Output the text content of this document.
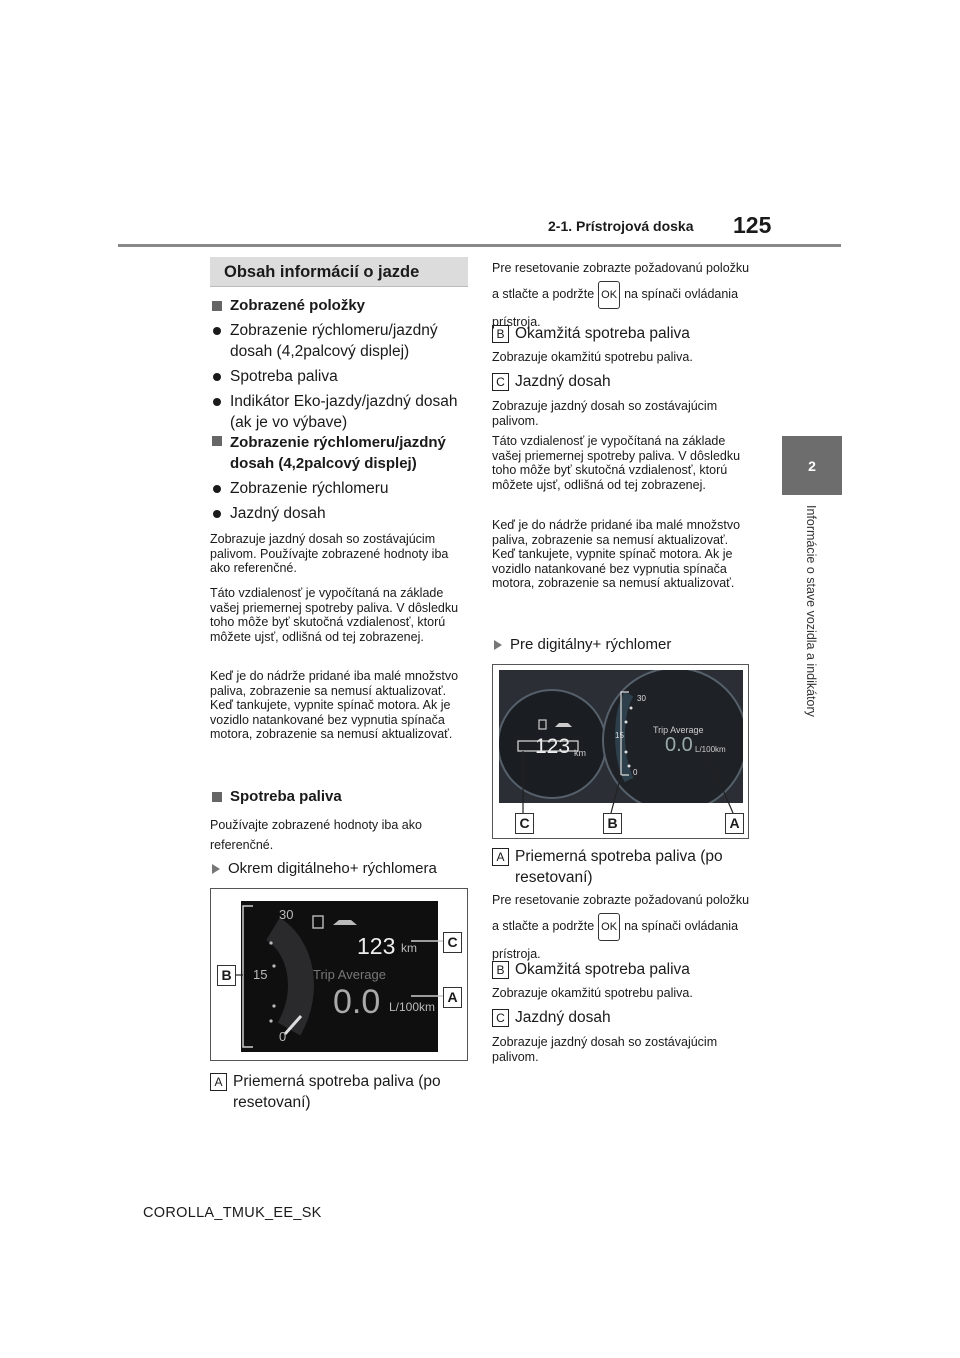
2-1. Prístrojová doska 125
2
Informácie o stave vozidla a indikátory
Obsah informácií o jazde
Zobrazené položky
Zobrazenie rýchlomeru/jazdný dosah (4,2palcový displej)
Spotreba paliva
Indikátor Eko-jazdy/jazdný dosah (ak je vo výbave)
Zobrazenie rýchlomeru/jazdný dosah (4,2palcový displej)
Zobrazenie rýchlomeru
Jazdný dosah
Zobrazuje jazdný dosah so zostávajúcim palivom. Používajte zobrazené hodnoty iba ako referenčné.
Táto vzdialenosť je vypočítaná na základe vašej priemernej spotreby paliva. V dôsledku toho môže byť skutočná vzdialenosť, ktorú môžete ujsť, odlišná od tej zobrazenej.
Keď je do nádrže pridané iba malé množstvo paliva, zobrazenie sa nemusí aktualizovať. Keď tankujete, vypnite spínač motora. Ak je vozidlo natankované bez vypnutia spínača motora, zobrazenie sa nemusí aktualizovať.
Spotreba paliva
Používajte zobrazené hodnoty iba ako referenčné.
Okrem digitálneho+ rýchlomera
30
15
0
123 km
Trip Average
0.0 L/100km
B
C
A
A Priemerná spotreba paliva (po resetovaní)
Pre resetovanie zobrazte požadovanú položku a stlačte a podržte OK na spínači ovládania prístroja.
B Okamžitá spotreba paliva
Zobrazuje okamžitú spotrebu paliva.
C Jazdný dosah
Zobrazuje jazdný dosah so zostávajúcim palivom.
Táto vzdialenosť je vypočítaná na základe vašej priemernej spotreby paliva. V dôsledku toho môže byť skutočná vzdialenosť, ktorú môžete ujsť, odlišná od tej zobrazenej.
Keď je do nádrže pridané iba malé množstvo paliva, zobrazenie sa nemusí aktualizovať. Keď tankujete, vypnite spínač motora. Ak je vozidlo natankované bez vypnutia spínača motora, zobrazenie sa nemusí aktualizovať.
Pre digitálny+ rýchlomer
123 km
30
15
0
Trip Average
0.0 L/100km
C	B	A
A Priemerná spotreba paliva (po resetovaní)
Pre resetovanie zobrazte požadovanú položku a stlačte a podržte OK na spínači ovládania prístroja.
B Okamžitá spotreba paliva
Zobrazuje okamžitú spotrebu paliva.
C Jazdný dosah
Zobrazuje jazdný dosah so zostávajúcim palivom.
COROLLA_TMUK_EE_SK
